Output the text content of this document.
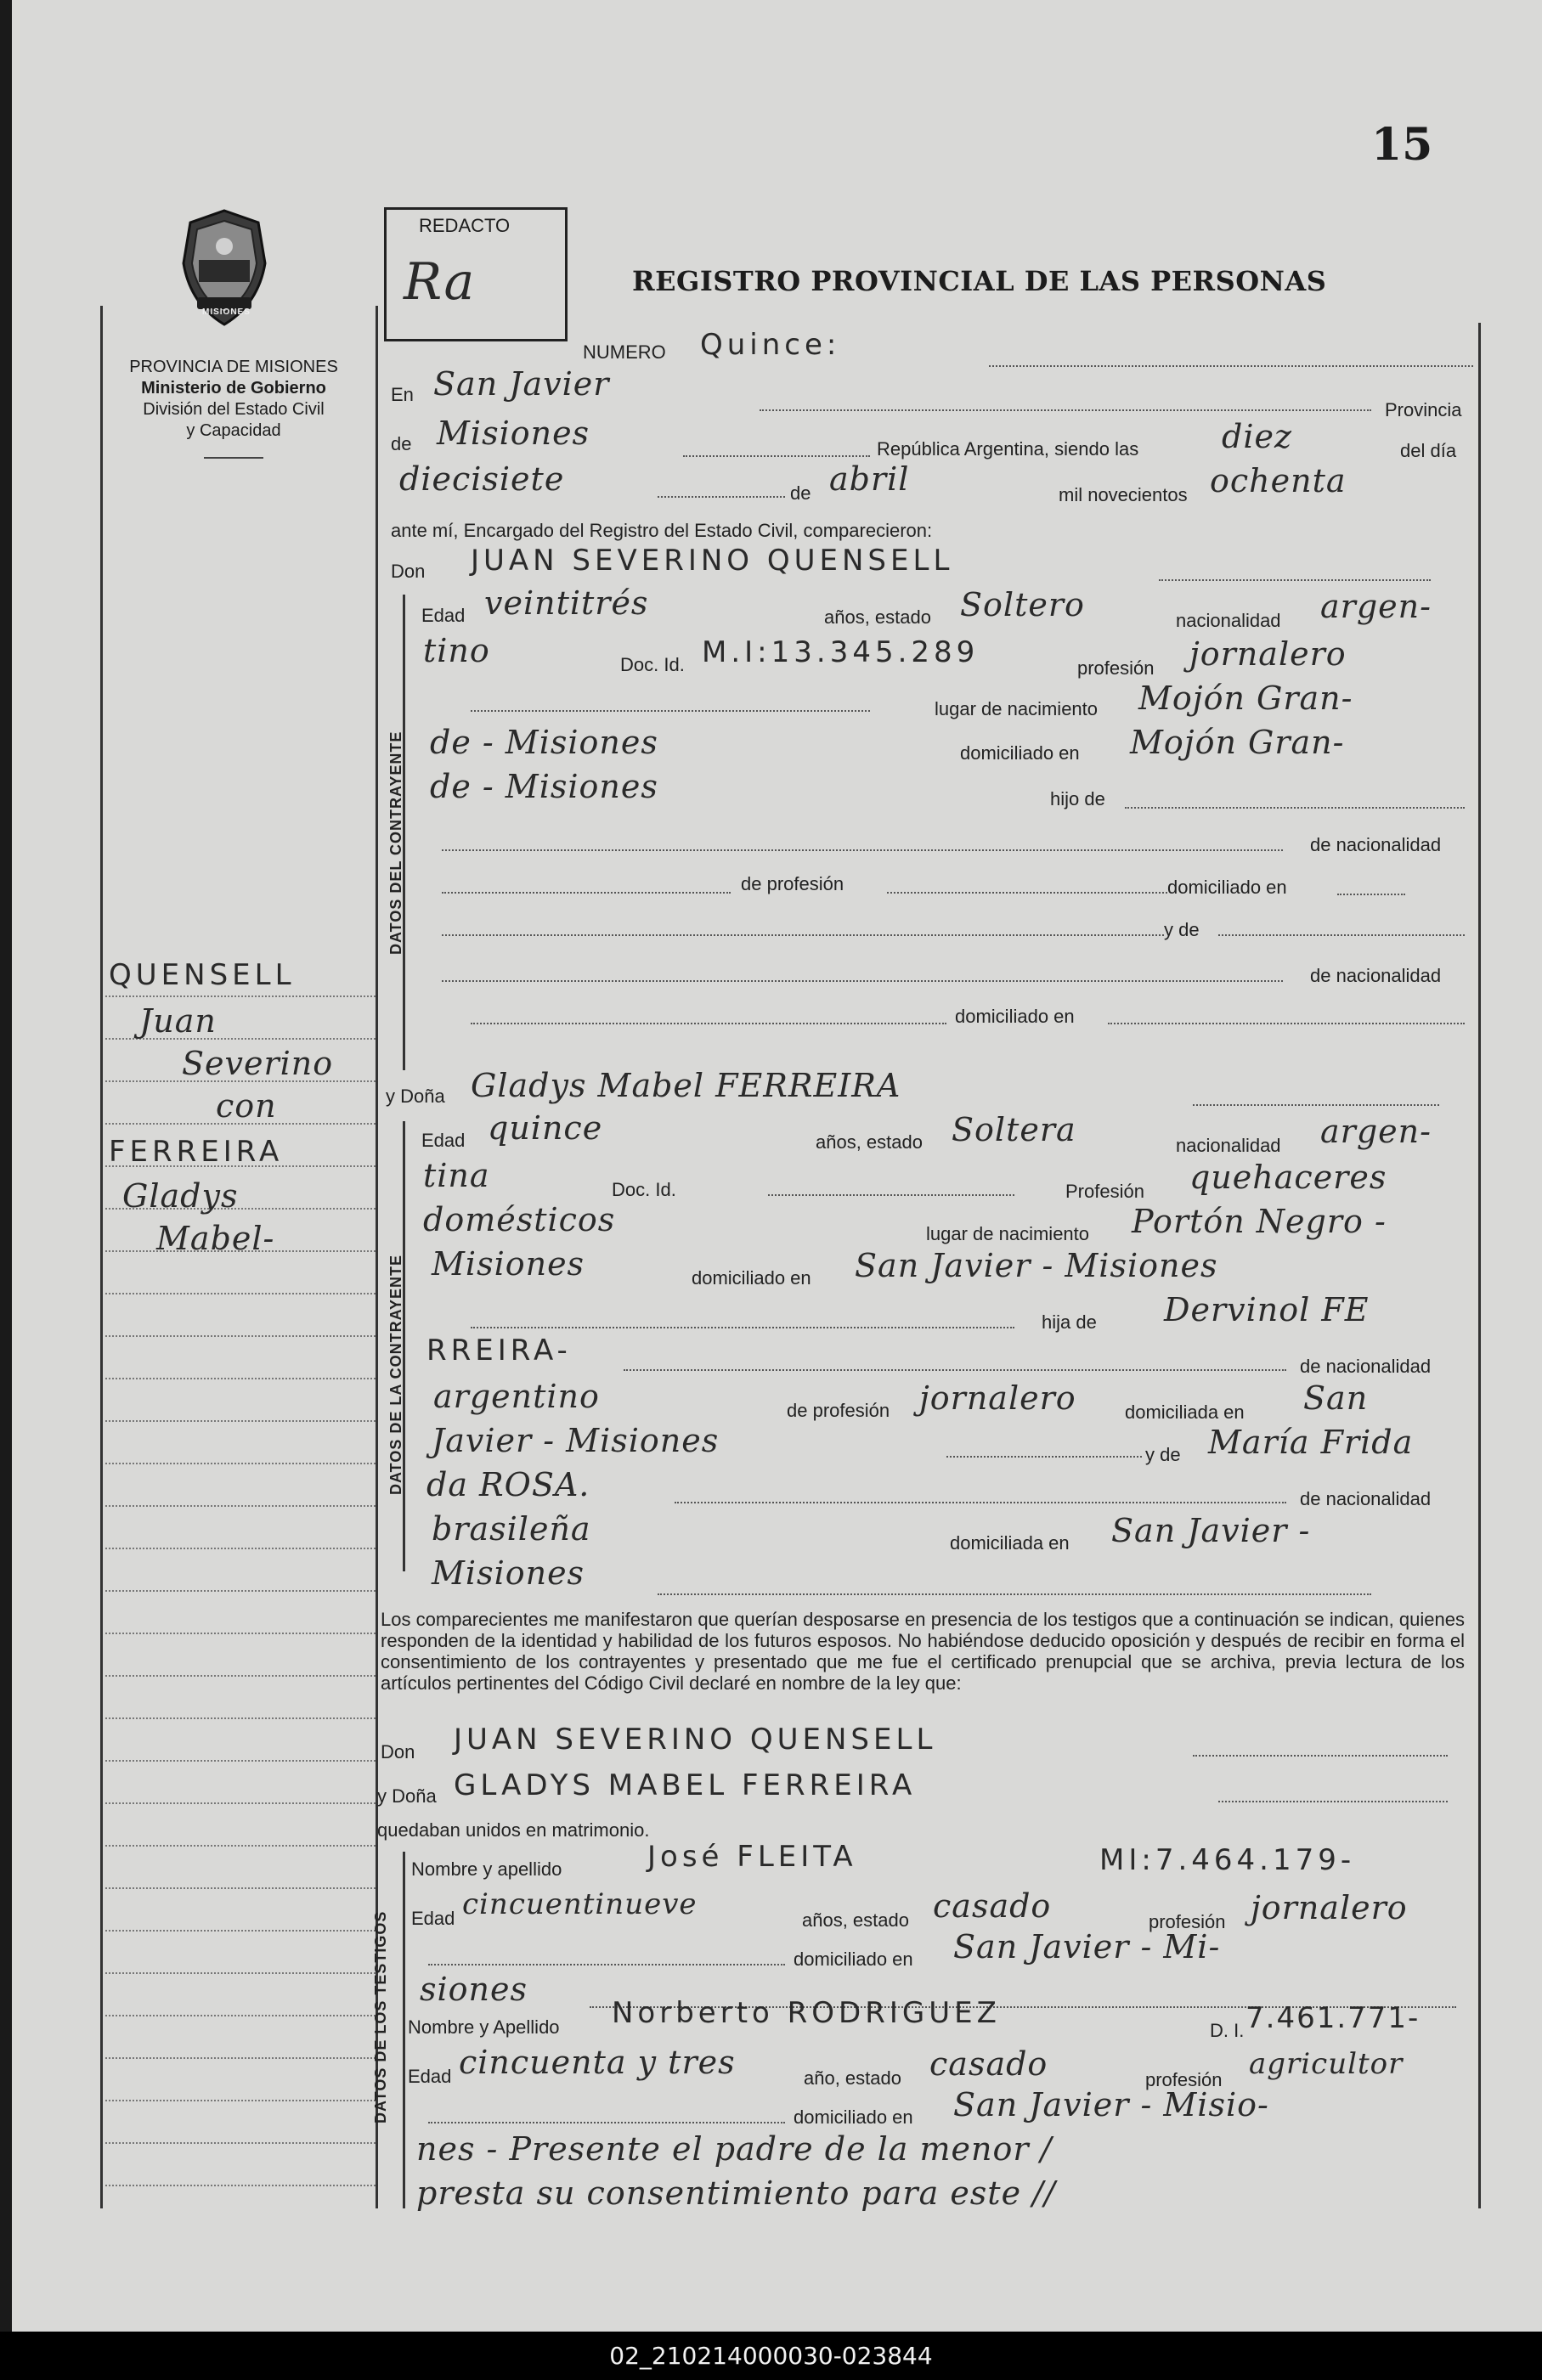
15
MISIONES
PROVINCIA DE MISIONES
Ministerio de Gobierno
División del Estado Civil
y Capacidad
REDACTO
Ra	REGISTRO PROVINCIAL DE LAS PERSONAS
QUENSELL
Juan
Severino
con
FERREIRA
Gladys
Mabel-
NUMERO Quince:
En San Javier
Provincia
de Misiones	República Argentina, siendo las	diez	del día
diecisiete	de abril	mil novecientos ochenta
ante mí, Encargado del Registro del Estado Civil, comparecieron:
DATOS DEL CONTRAYENTE
Don JUAN SEVERINO QUENSELL
Edad veintitrés	años, estado Soltero	nacionalidad argen-
tino	Doc. Id. M.I:13.345.289	profesión jornalero
lugar de nacimiento Mojón Gran-
de - Misiones	domiciliado en Mojón Gran-
de - Misiones	hijo de
de nacionalidad
de profesión	domiciliado en
y de
de nacionalidad
domiciliado en
DATOS DE LA CONTRAYENTE
y Doña Gladys Mabel FERREIRA
Edad quince	años, estado Soltera	nacionalidad argen-
tina	Doc. Id.	Profesión quehaceres
domésticos	lugar de nacimiento Portón Negro -
Misiones	domiciliado en San Javier - Misiones
hija de Dervinol FE
RREIRA-	de nacionalidad
argentino	de profesión jornalero	domiciliada en San
Javier - Misiones	y de María Frida
da ROSA.	de nacionalidad
brasileña	domiciliada en San Javier -
Misiones
Los comparecientes me manifestaron que querían desposarse en presencia de los testigos que a continuación se indican, quienes responden de la identidad y habilidad de los futuros esposos. No habiéndose deducido oposición y después de recibir en forma el consentimiento de los contrayentes y presentado que me fue el certificado prenupcial que se archiva, previa lectura de los artículos pertinentes del Código Civil declaré en nombre de la ley que:
Don JUAN SEVERINO QUENSELL
y Doña GLADYS MABEL FERREIRA
quedaban unidos en matrimonio.
DATOS DE LOS TESTIGOS
Nombre y apellido	José FLEITA	MI:7.464.179-
Edad cincuentinueve	años, estado casado	profesión jornalero
domiciliado en San Javier - Mi-
siones
Nombre y Apellido Norberto RODRIGUEZ
D. I. 7.461.771-
Edad cincuenta y tres	año, estado casado	profesión agricultor
domiciliado en San Javier - Misio-
nes - Presente el padre de la menor /
presta su consentimiento para este //
02_210214000030-023844
